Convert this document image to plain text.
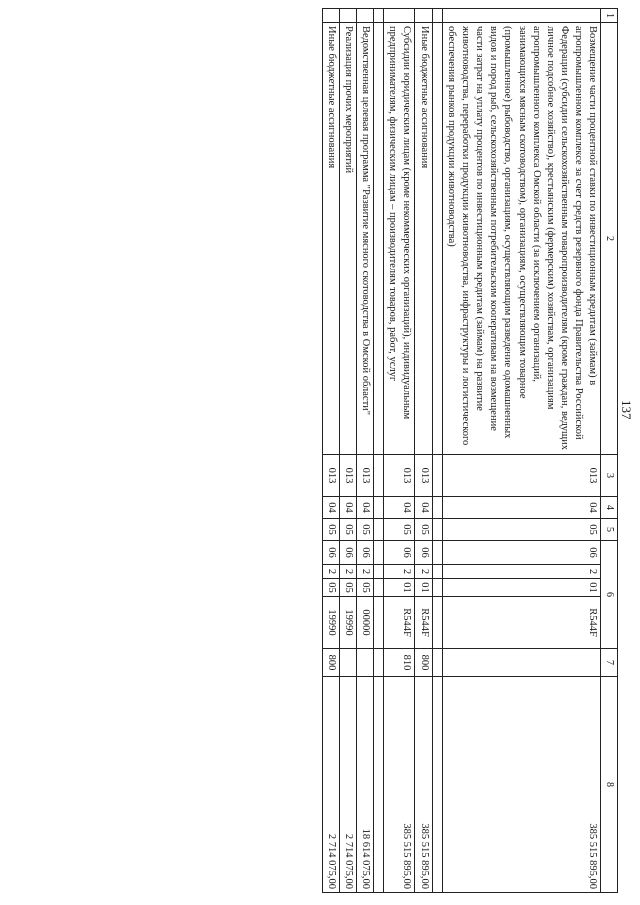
137
1	2	3	4	5	6				7	8
	Возмещение части процентной ставки по инвестиционным кредитам (займам) в агропромышленном комплексе за счет средств резервного фонда Правительства Российской Федерации (субсидии сельскохозяйственным товаропроизводителям (кроме граждан, ведущих личное подсобное хозяйство), крестьянским (фермерским) хозяйствам, организациям агропромышленного комплекса Омской области (за исключением организаций, занимающихся мясным скотоводством), организациям, осуществляющим товарное (промышленное) рыбоводство, организациям, осуществляющим разведение одомашненных видов и пород рыб, сельскохозяйственным потребительским кооперативам на возмещение части затрат на уплату процентов по инвестиционным кредитам (займам) на развитие животноводства, переработки продукции животноводства, инфраструктуры и логистического обеспечения рынков продукции животноводства)	013	04	05	06	2	01	R544F		385 515 895,00

	Иные бюджетные ассигнования	013	04	05	06	2	01	R544F	800	385 515 895,00
	Субсидии юридическим лицам (кроме некоммерческих организаций), индивидуальным предпринимателям, физическим лицам – производителям товаров, работ, услуг	013	04	05	06	2	01	R544F	810	385 515 895,00

	Ведомственная целевая программа "Развитие мясного скотоводства в Омской области"	013	04	05	06	2	05	00000		18 614 075,00
	Реализация прочих мероприятий	013	04	05	06	2	05	19990		2 714 075,00
	Иные бюджетные ассигнования	013	04	05	06	2	05	19990	800	2 714 075,00
